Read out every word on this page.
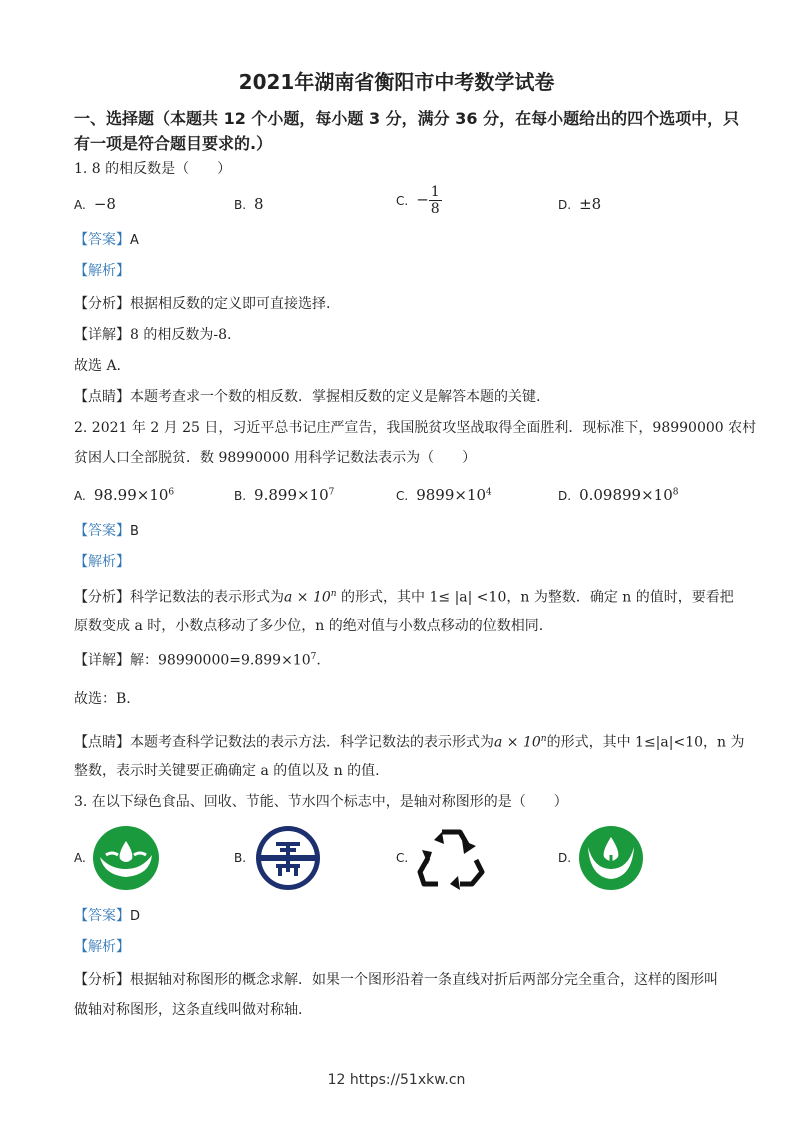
2021年湖南省衡阳市中考数学试卷
一、选择题（本题共 12 个小题，每小题 3 分，满分 36 分，在每小题给出的四个选项中，只
有一项是符合题目要求的.）
1. 8 的相反数是（　　）
A. −8	B. 8	C. − $\frac{1}{8}$	D. ±8
【答案】A
【解析】
【分析】根据相反数的定义即可直接选择.
【详解】8 的相反数为-8.
故选 A.
【点睛】本题考查求一个数的相反数．掌握相反数的定义是解答本题的关键.
2. 2021 年 2 月 25 日，习近平总书记庄严宣告，我国脱贫攻坚战取得全面胜利．现标准下，98990000 农村
贫困人口全部脱贫．数 98990000 用科学记数法表示为（　　）
A. $98.99\times 10^6$	B. $9.899\times 10^7$	C. $9899\times 10^4$	D. $0.09899\times 10^8$
【答案】B
【解析】
【分析】科学记数法的表示形式为$a \times 10^n$ 的形式，其中 1≤ |a| <10，n 为整数．确定 n 的值时，要看把
原数变成 a 时，小数点移动了多少位，n 的绝对值与小数点移动的位数相同.
【详解】解：$98990000=9.899\times 10^7$.
故选：B.
【点睛】本题考查科学记数法的表示方法．科学记数法的表示形式为$a \times 10^n$的形式，其中 1≤|a|<10，n 为
整数，表示时关键要正确确定 a 的值以及 n 的值.
3. 在以下绿色食品、回收、节能、节水四个标志中，是轴对称图形的是（　　）
A.	B.	C.	D.
【答案】D
【解析】
【分析】根据轴对称图形的概念求解．如果一个图形沿着一条直线对折后两部分完全重合，这样的图形叫
做轴对称图形，这条直线叫做对称轴.
12 https://51xkw.cn
